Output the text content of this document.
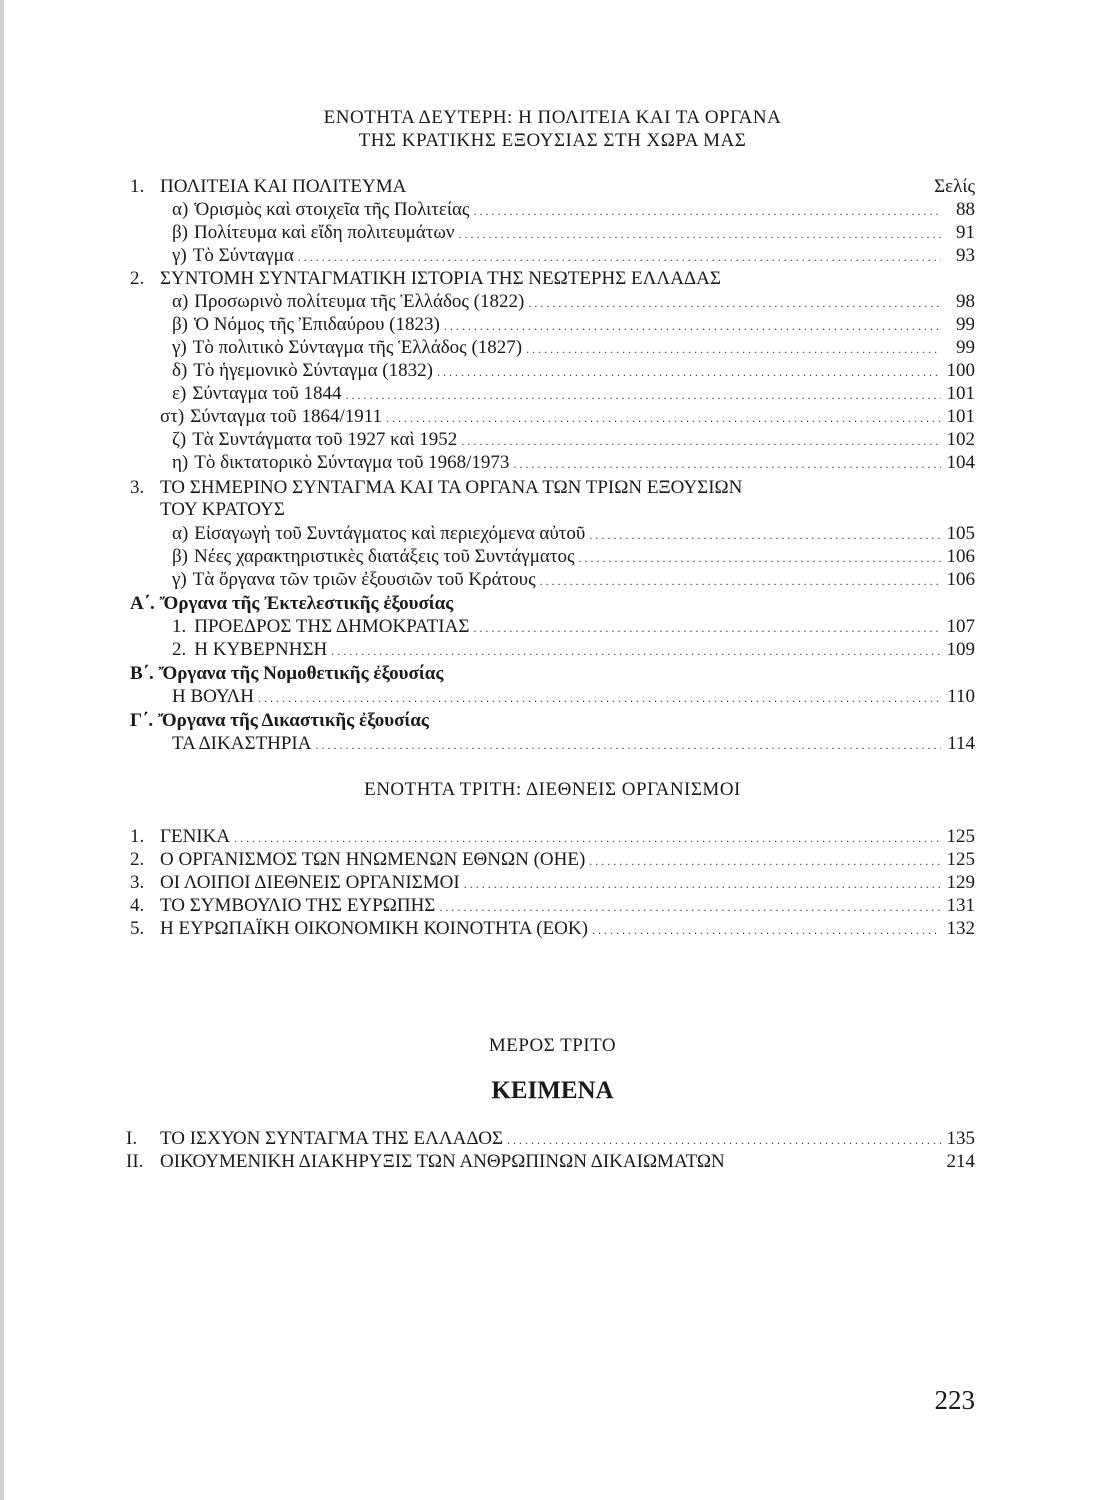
ΕΝΟΤΗΤΑ ΔΕΥΤΕΡΗ: Η ΠΟΛΙΤΕΙΑ ΚΑΙ ΤΑ ΟΡΓΑΝΑ
ΤΗΣ ΚΡΑΤΙΚΗΣ ΕΞΟΥΣΙΑΣ ΣΤΗ ΧΩΡΑ ΜΑΣ
1. ΠΟΛΙΤΕΙΑ ΚΑΙ ΠΟΛΙΤΕΥΜΑ	Σελίς
α) Ὁρισμὸς καὶ στοιχεῖα τῆς Πολιτείας . . .	88
β) Πολίτευμα καὶ εἴδη πολιτευμάτων . . .	91
γ) Τὸ Σύνταγμα . . .	93
2. ΣΥΝΤΟΜΗ ΣΥΝΤΑΓΜΑΤΙΚΗ ΙΣΤΟΡΙΑ ΤΗΣ ΝΕΩΤΕΡΗΣ ΕΛΛΑΔΑΣ
α) Προσωρινὸ πολίτευμα τῆς Ἑλλάδος (1822) . . .	98
β) Ὁ Νόμος τῆς Ἐπιδαύρου (1823) . . .	99
γ) Τὸ πολιτικὸ Σύνταγμα τῆς Ἑλλάδος (1827) . . .	99
δ) Τὸ ἡγεμονικὸ Σύνταγμα (1832) . . .	100
ε) Σύνταγμα τοῦ 1844 . . .	101
στ) Σύνταγμα τοῦ 1864/1911 . . .	101
ζ) Τὰ Συντάγματα τοῦ 1927 καὶ 1952 . . .	102
η) Τὸ δικτατορικὸ Σύνταγμα τοῦ 1968/1973 . . .	104
3. ΤΟ ΣΗΜΕΡΙΝΟ ΣΥΝΤΑΓΜΑ ΚΑΙ ΤΑ ΟΡΓΑΝΑ ΤΩΝ ΤΡΙΩΝ ΕΞΟΥΣΙΩΝ
ΤΟΥ ΚΡΑΤΟΥΣ
α) Εἰσαγωγὴ τοῦ Συντάγματος καὶ περιεχόμενα αὐτοῦ . . .	105
β) Νέες χαρακτηριστικὲς διατάξεις τοῦ Συντάγματος . . .	106
γ) Τὰ ὄργανα τῶν τριῶν ἐξουσιῶν τοῦ Κράτους . . .	106
Α΄. Ὄργανα τῆς Ἐκτελεστικῆς ἐξουσίας
1. ΠΡΟΕΔΡΟΣ ΤΗΣ ΔΗΜΟΚΡΑΤΙΑΣ . . .	107
2. Η ΚΥΒΕΡΝΗΣΗ . . .	109
Β΄. Ὄργανα τῆς Νομοθετικῆς ἐξουσίας
Η ΒΟΥΛΗ . . .	110
Γ΄. Ὄργανα τῆς Δικαστικῆς ἐξουσίας
ΤΑ ΔΙΚΑΣΤΗΡΙΑ . . .	114
ΕΝΟΤΗΤΑ ΤΡΙΤΗ: ΔΙΕΘΝΕΙΣ ΟΡΓΑΝΙΣΜΟΙ
1. ΓΕΝΙΚΑ . . .	125
2. Ο ΟΡΓΑΝΙΣΜΟΣ ΤΩΝ ΗΝΩΜΕΝΩΝ ΕΘΝΩΝ (ΟΗΕ) . . .	125
3. ΟΙ ΛΟΙΠΟΙ ΔΙΕΘΝΕΙΣ ΟΡΓΑΝΙΣΜΟΙ . . .	129
4. ΤΟ ΣΥΜΒΟΥΛΙΟ ΤΗΣ ΕΥΡΩΠΗΣ . . .	131
5. Η ΕΥΡΩΠΑΪΚΗ ΟΙΚΟΝΟΜΙΚΗ ΚΟΙΝΟΤΗΤΑ (ΕΟΚ) . . .	132
ΜΕΡΟΣ ΤΡΙΤΟ
ΚΕΙΜΕΝΑ
Ι.	ΤΟ ΙΣΧΥΟΝ ΣΥΝΤΑΓΜΑ ΤΗΣ ΕΛΛΑΔΟΣ . . .	135
ΙΙ. ΟΙΚΟΥΜΕΝΙΚΗ ΔΙΑΚΗΡΥΞΙΣ ΤΩΝ ΑΝΘΡΩΠΙΝΩΝ ΔΙΚΑΙΩΜΑΤΩΝ	214
223
